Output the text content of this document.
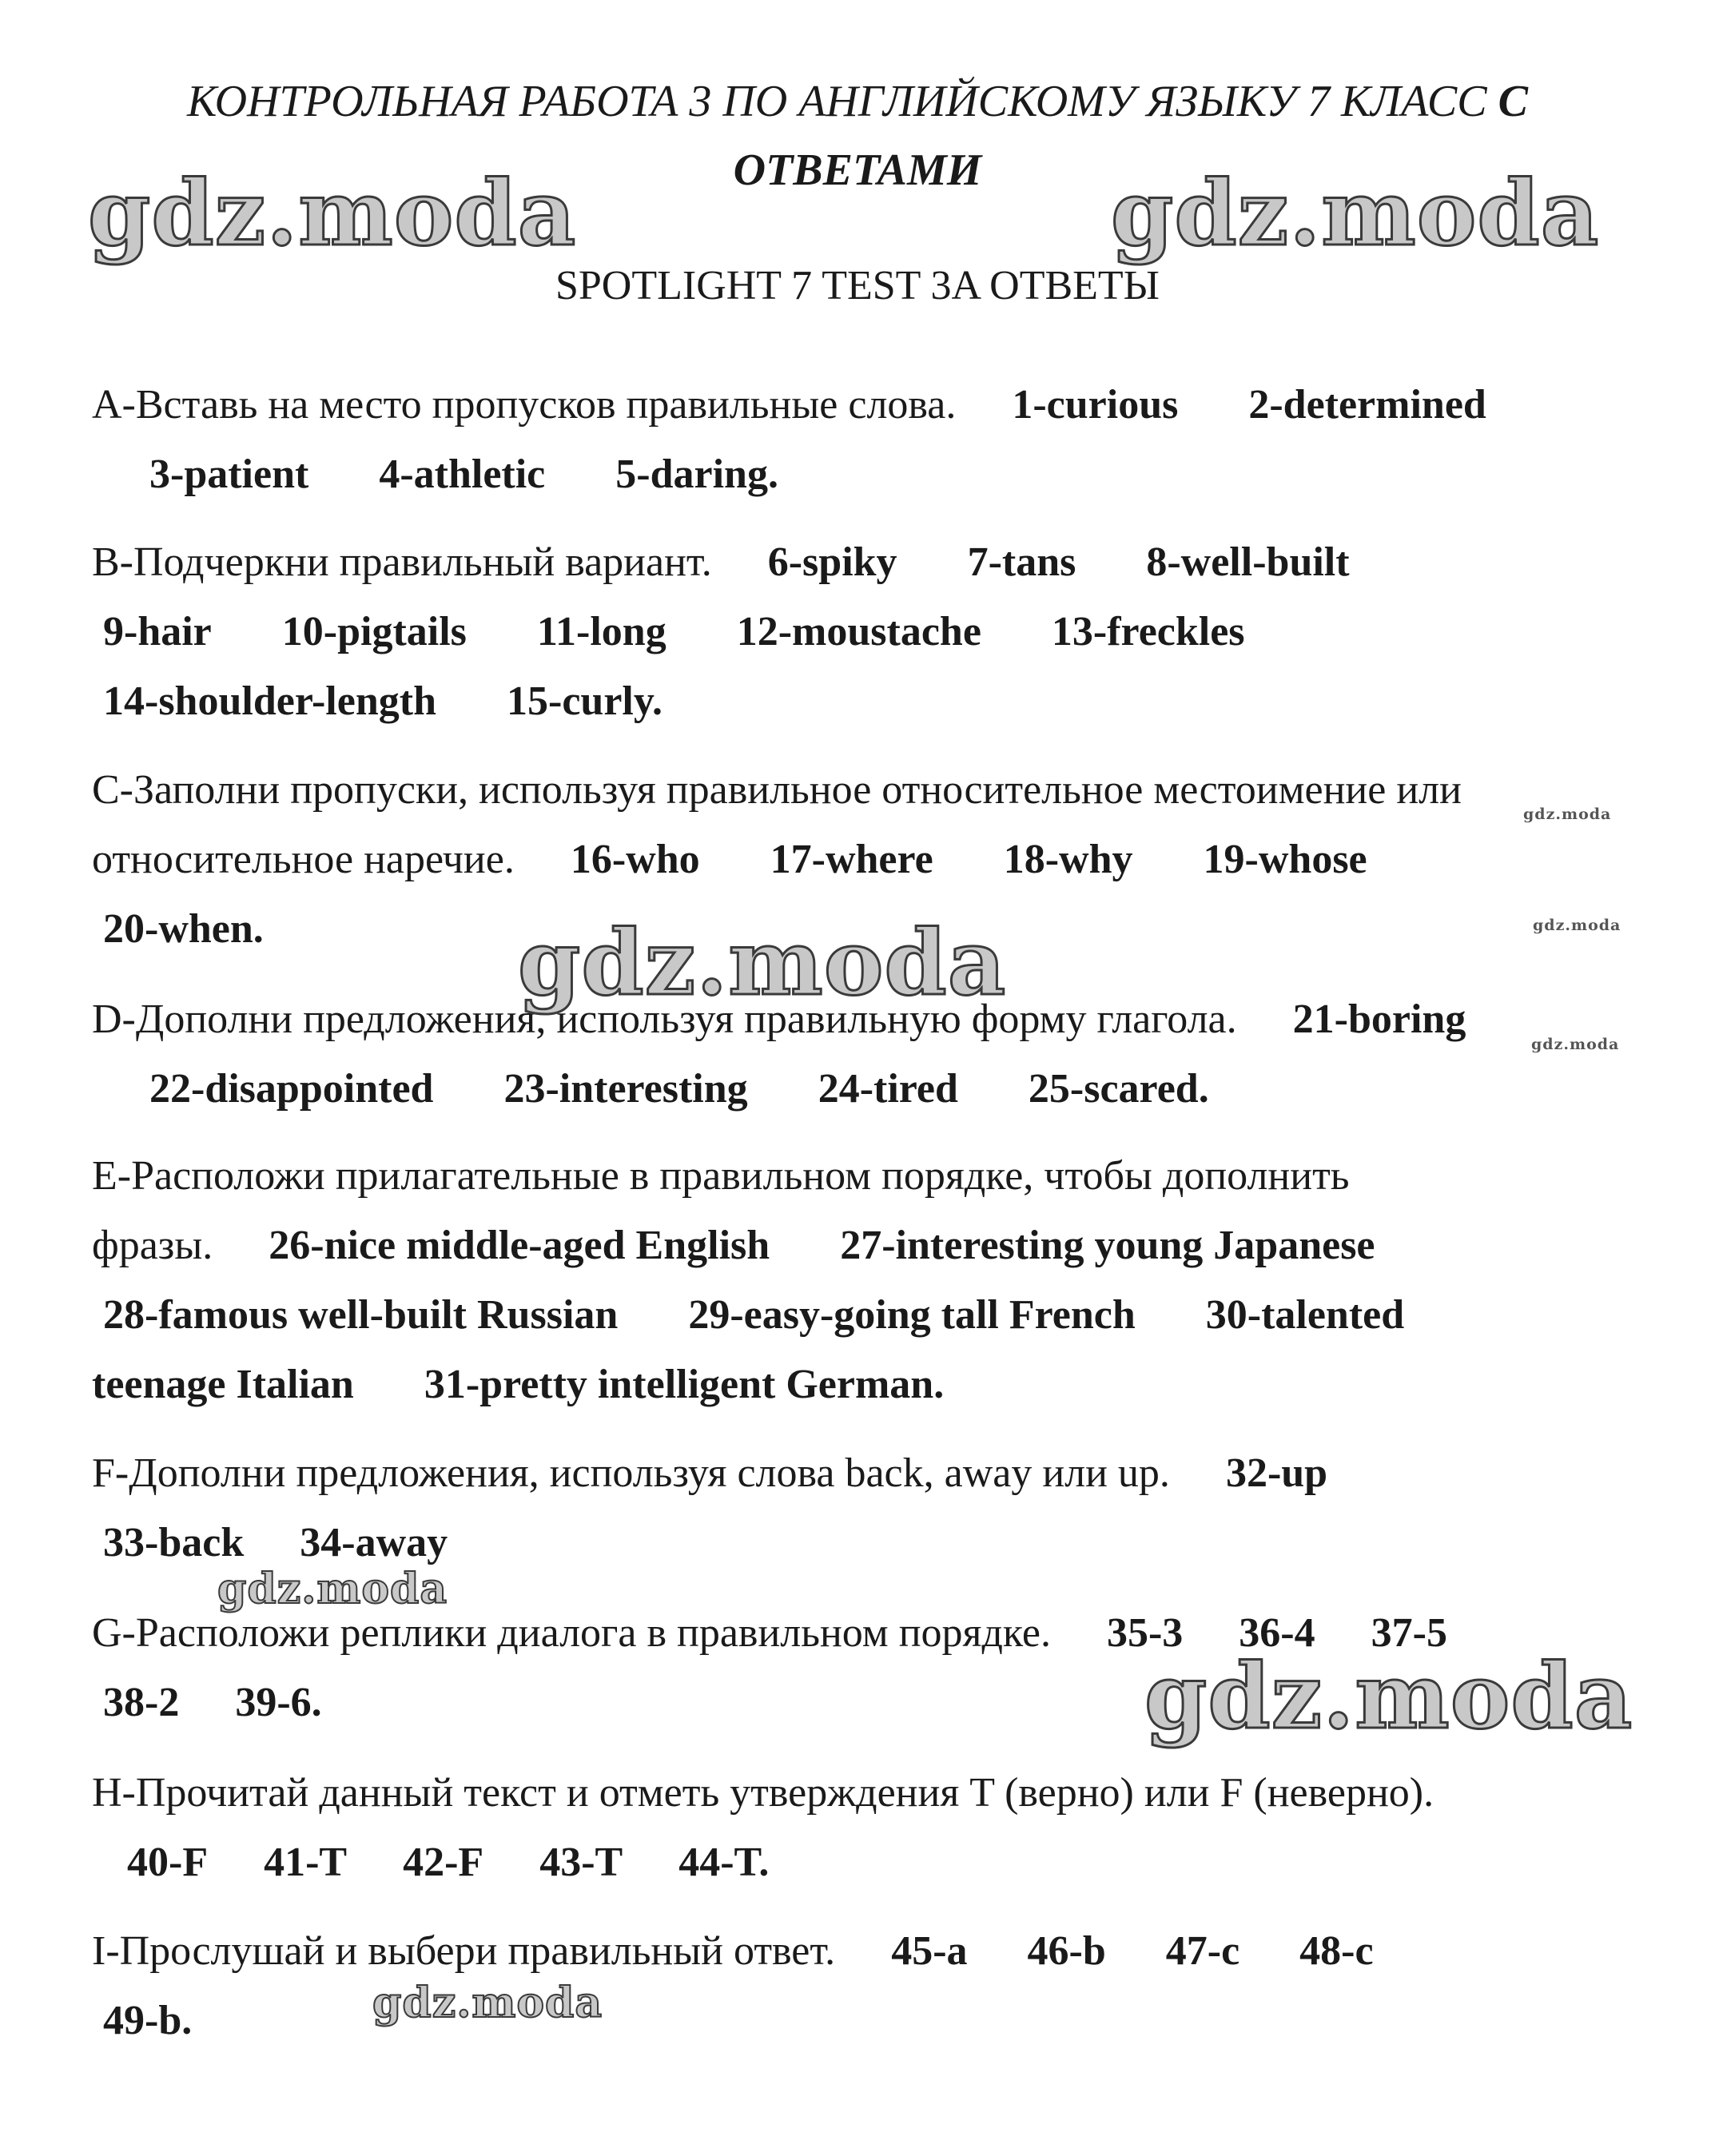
КОНТРОЛЬНАЯ РАБОТА 3 ПО АНГЛИЙСКОМУ ЯЗЫКУ 7 КЛАСС С
ОТВЕТАМИ
SPOTLIGHT 7 TEST 3A ОТВЕТЫ
A-Вставь на место пропусков правильные слова. 1-curious 2-determined
3-patient 4-athletic 5-daring.
B-Подчеркни правильный вариант. 6-spiky 7-tans 8-well-built
9-hair 10-pigtails 11-long 12-moustache 13-freckles
14-shoulder-length 15-curly.
C-Заполни пропуски, используя правильное относительное местоимение или
относительное наречие. 16-who 17-where 18-why 19-whose
20-when.
D-Дополни предложения, используя правильную форму глагола. 21-boring
22-disappointed 23-interesting 24-tired 25-scared.
E-Расположи прилагательные в правильном порядке, чтобы дополнить
фразы. 26-nice middle-aged English 27-interesting young Japanese
28-famous well-built Russian 29-easy-going tall French 30-talented
teenage Italian 31-pretty intelligent German.
F-Дополни предложения, используя слова back, away или up. 32-up
33-back 34-away
G-Расположи реплики диалога в правильном порядке. 35-3 36-4 37-5
38-2 39-6.
H-Прочитай данный текст и отметь утверждения T (верно) или F (неверно).
40-F 41-T 42-F 43-T 44-T.
I-Прослушай и выбери правильный ответ. 45-a 46-b 47-c 48-c
49-b.
gdz.moda	gdz.moda
gdz.moda
gdz.moda
gdz.moda
gdz.moda
gdz.moda
gdz.moda
gdz.moda
